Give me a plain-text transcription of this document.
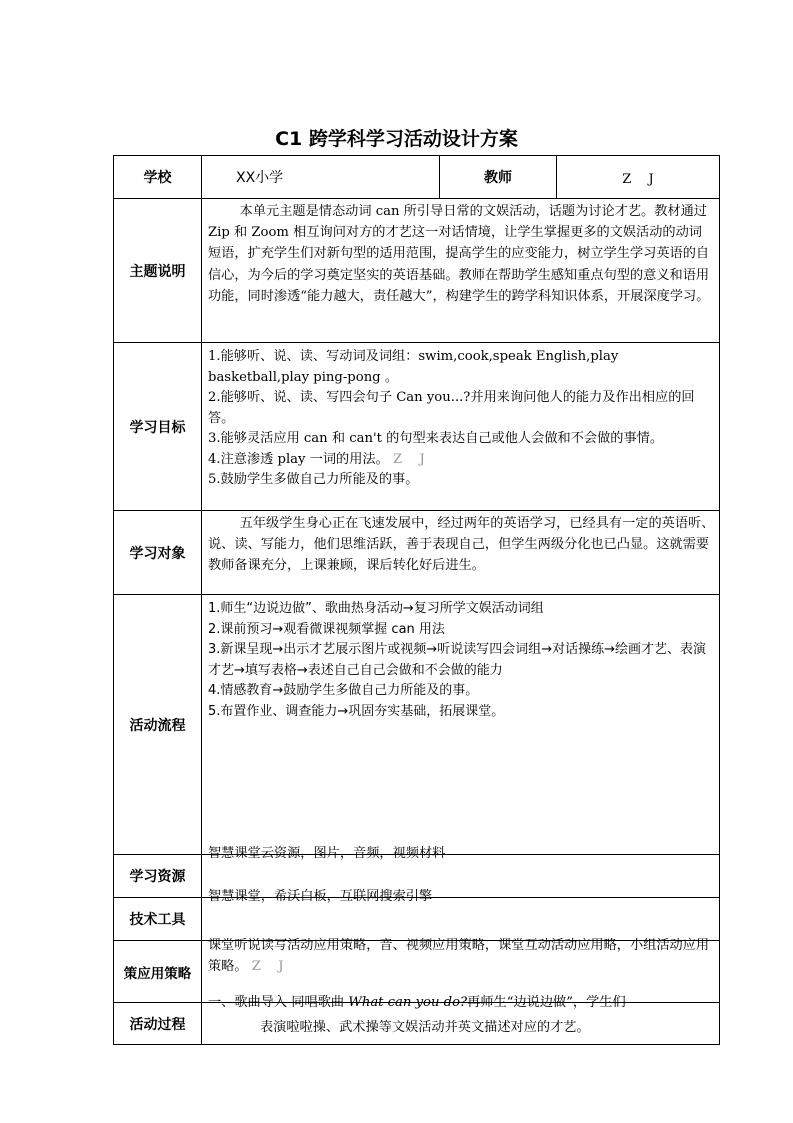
C1 跨学科学习活动设计方案
学校	XX小学	教师	Z　 J
主题说明	本单元主题是情态动词 can 所引导日常的文娱活动，话题为讨论才艺。教材通过 Zip 和 Zoom 相互询问对方的才艺这一对话情境，让学生掌握更多的文娱活动的动词短语，扩充学生们对新句型的适用范围，提高学生的应变能力，树立学生学习英语的自信心，为今后的学习奠定坚实的英语基础。教师在帮助学生感知重点句型的意义和语用功能，同时渗透“能力越大，责任越大”，构建学生的跨学科知识体系，开展深度学习。		

学习目标	1.能够听、说、读、写动词及词组：swim,cook,speak English,play basketball,play ping-pong 。

2.能够听、说、读、写四会句子 Can you...?并用来询问他人的能力及作出相应的回答。

3.能够灵活应用 can 和 can't 的句型来表达自己或他人会做和不会做的事情。

4.注意渗透 play 一词的用法。 Z　 J

5.鼓励学生多做自己力所能及的事。		

学习对象	五年级学生身心正在飞速发展中，经过两年的英语学习，已经具有一定的英语听、说、读、写能力，他们思维活跃，善于表现自己，但学生两级分化也已凸显。这就需要教师备课充分，上课兼顾，课后转化好后进生。		

活动流程	1.师生“边说边做”、歌曲热身活动→复习所学文娱活动词组

2.课前预习→观看微课视频掌握 can 用法

3.新课呈现→出示才艺展示图片或视频→听说读写四会词组→对话操练→绘画才艺、表演才艺→填写表格→表述自己自己会做和不会做的能力

4.情感教育→鼓励学生多做自己力所能及的事。

5.布置作业、调查能力→巩固夯实基础，拓展课堂。		

学习资源	智慧课堂云资源，图片，音频，视频材料		

技术工具	智慧课堂，希沃白板，互联网搜索引擎		

策应用策略	课堂听说读写活动应用策略，音、视频应用策略，课堂互动活动应用略，小组活动应用策略。 Z　 J		

活动过程	一、歌曲导入 同唱歌曲 What can you do?再师生“边说边做”，学生们

表演啦啦操、武术操等文娱活动并英文描述对应的才艺。		
